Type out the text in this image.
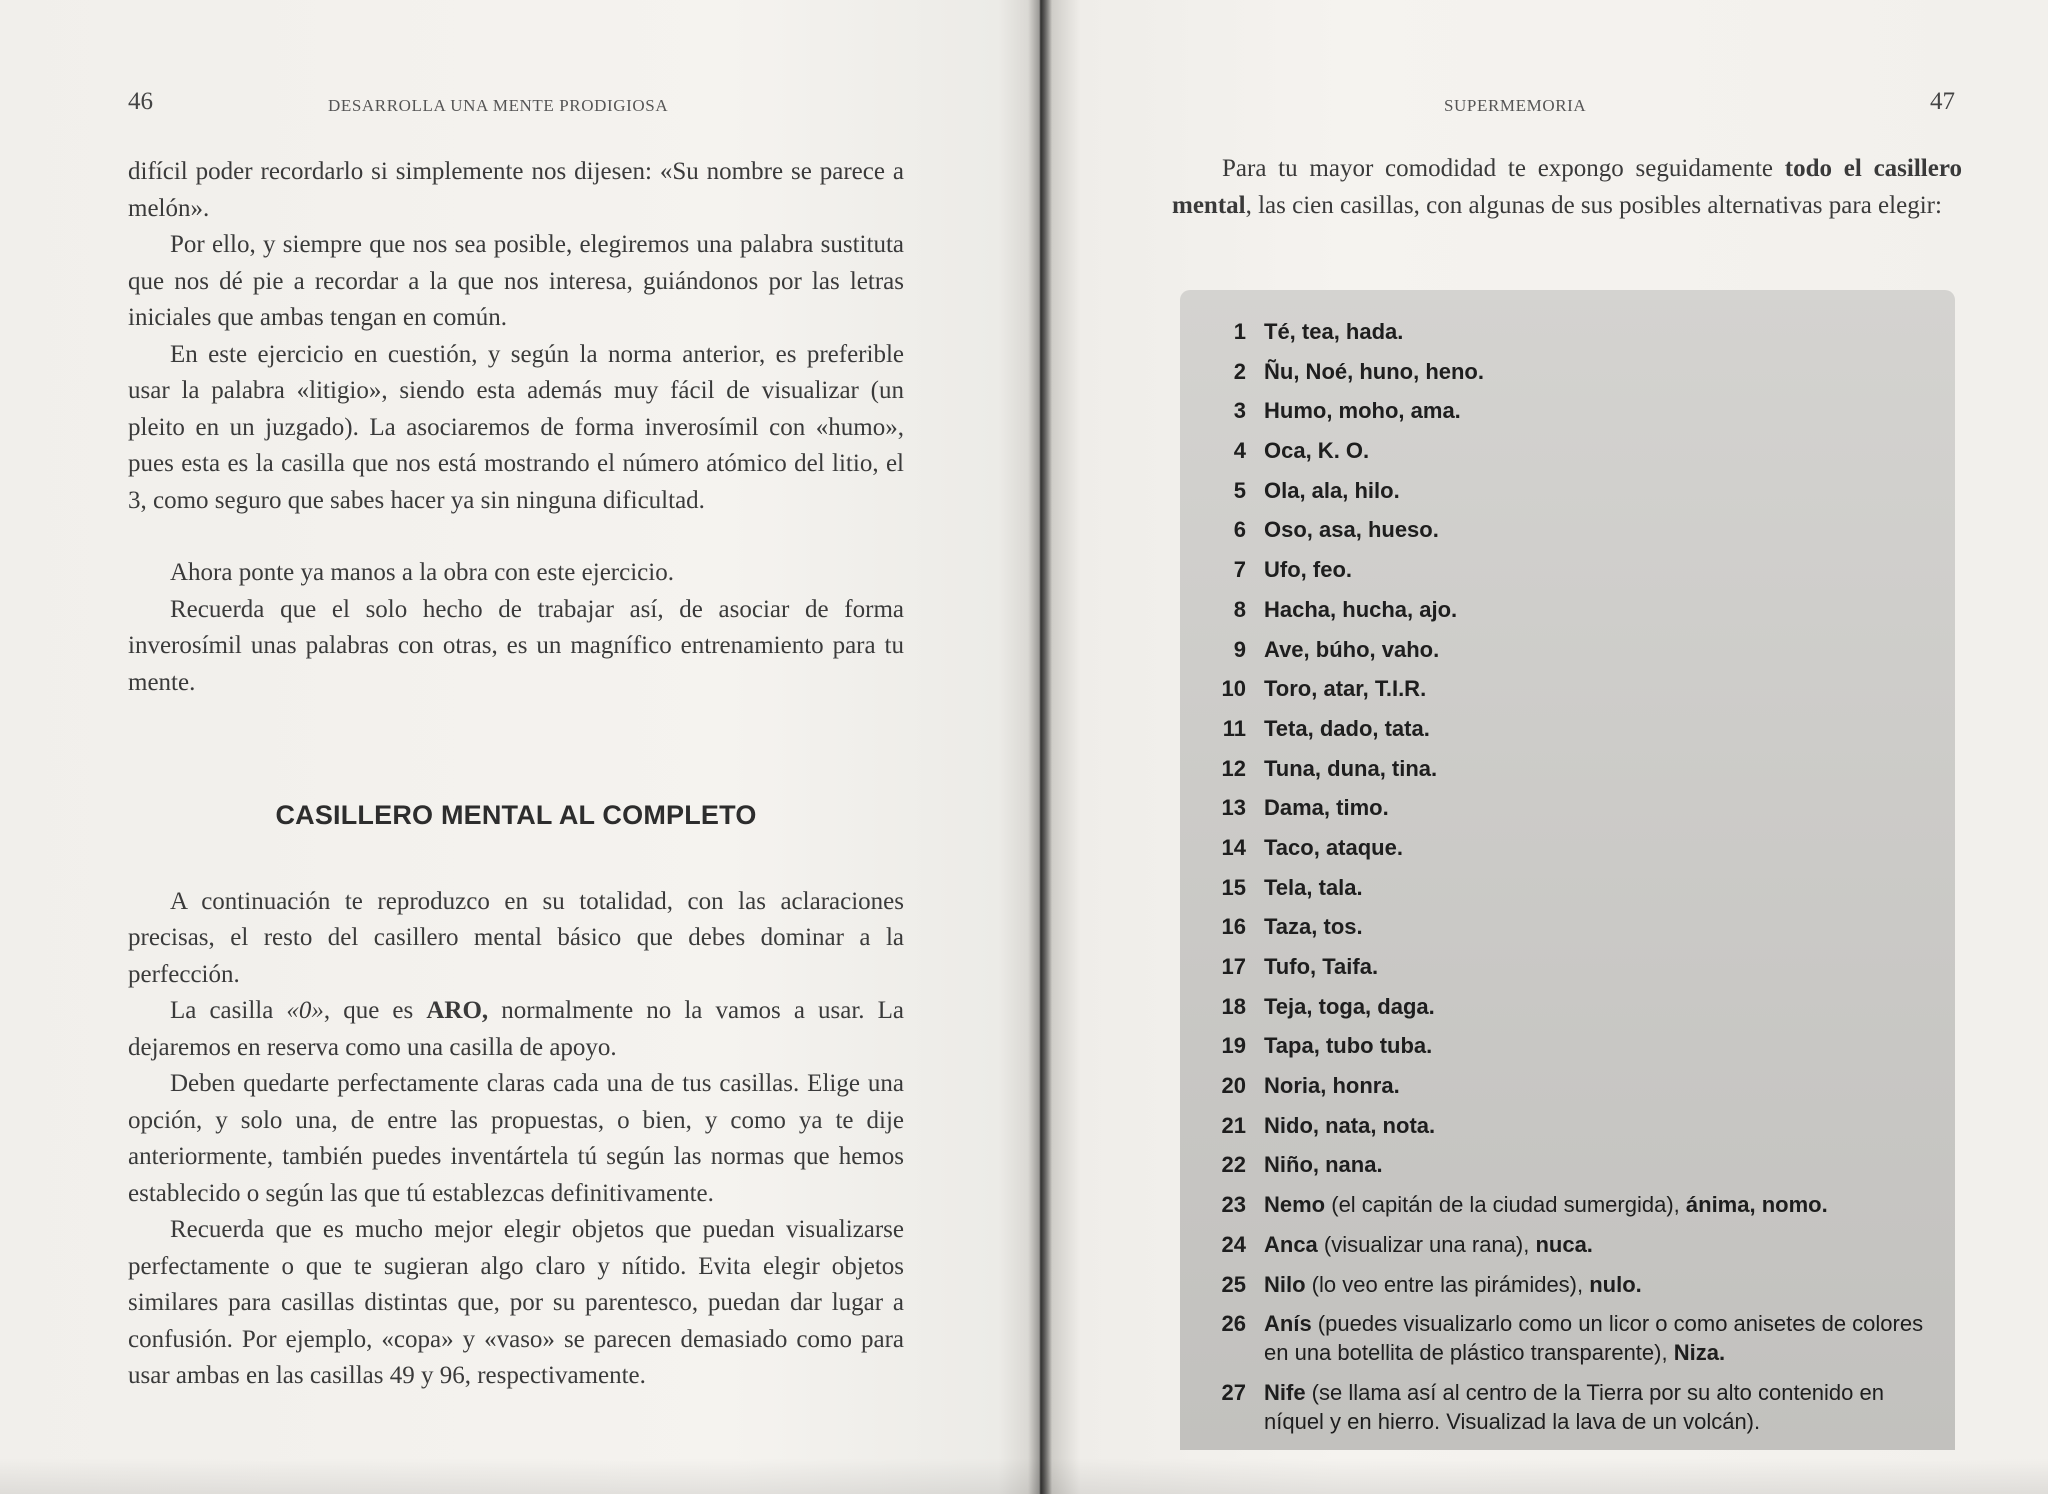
46	DESARROLLA UNA MENTE PRODIGIOSA

difícil poder recordarlo si simplemente nos dijesen: «Su nombre se parece a melón».

Por ello, y siempre que nos sea posible, elegiremos una palabra sustituta que nos dé pie a recordar a la que nos interesa, guiándonos por las letras iniciales que ambas tengan en común.

En este ejercicio en cuestión, y según la norma anterior, es preferible usar la palabra «litigio», siendo esta además muy fácil de visualizar (un pleito en un juzgado). La asociaremos de forma inverosímil con «humo», pues esta es la casilla que nos está mostrando el número atómico del litio, el 3, como seguro que sabes hacer ya sin ninguna dificultad.

Ahora ponte ya manos a la obra con este ejercicio.

Recuerda que el solo hecho de trabajar así, de asociar de forma inverosímil unas palabras con otras, es un magnífico entrenamiento para tu mente.

CASILLERO MENTAL AL COMPLETO

A continuación te reproduzco en su totalidad, con las aclaraciones precisas, el resto del casillero mental básico que debes dominar a la perfección.

La casilla «0», que es ARO, normalmente no la vamos a usar. La dejaremos en reserva como una casilla de apoyo.

Deben quedarte perfectamente claras cada una de tus casillas. Elige una opción, y solo una, de entre las propuestas, o bien, y como ya te dije anteriormente, también puedes inventártela tú según las normas que hemos establecido o según las que tú establezcas definitivamente.

Recuerda que es mucho mejor elegir objetos que puedan visualizarse perfectamente o que te sugieran algo claro y nítido. Evita elegir objetos similares para casillas distintas que, por su parentesco, puedan dar lugar a confusión. Por ejemplo, «copa» y «vaso» se parecen demasiado como para usar ambas en las casillas 49 y 96, respectivamente.

SUPERMEMORIA	47

Para tu mayor comodidad te expongo seguidamente todo el casillero mental, las cien casillas, con algunas de sus posibles alternativas para elegir:

1 Té, tea, hada.
2 Ñu, Noé, huno, heno.
3 Humo, moho, ama.
4 Oca, K. O.
5 Ola, ala, hilo.
6 Oso, asa, hueso.
7 Ufo, feo.
8 Hacha, hucha, ajo.
9 Ave, búho, vaho.
10 Toro, atar, T.I.R.
11 Teta, dado, tata.
12 Tuna, duna, tina.
13 Dama, timo.
14 Taco, ataque.
15 Tela, tala.
16 Taza, tos.
17 Tufo, Taifa.
18 Teja, toga, daga.
19 Tapa, tubo tuba.
20 Noria, honra.
21 Nido, nata, nota.
22 Niño, nana.
23 Nemo (el capitán de la ciudad sumergida), ánima, nomo.
24 Anca (visualizar una rana), nuca.
25 Nilo (lo veo entre las pirámides), nulo.
26 Anís (puedes visualizarlo como un licor o como anisetes de colores en una botellita de plástico transparente), Niza.
27 Nife (se llama así al centro de la Tierra por su alto contenido en níquel y en hierro. Visualizad la lava de un volcán).
